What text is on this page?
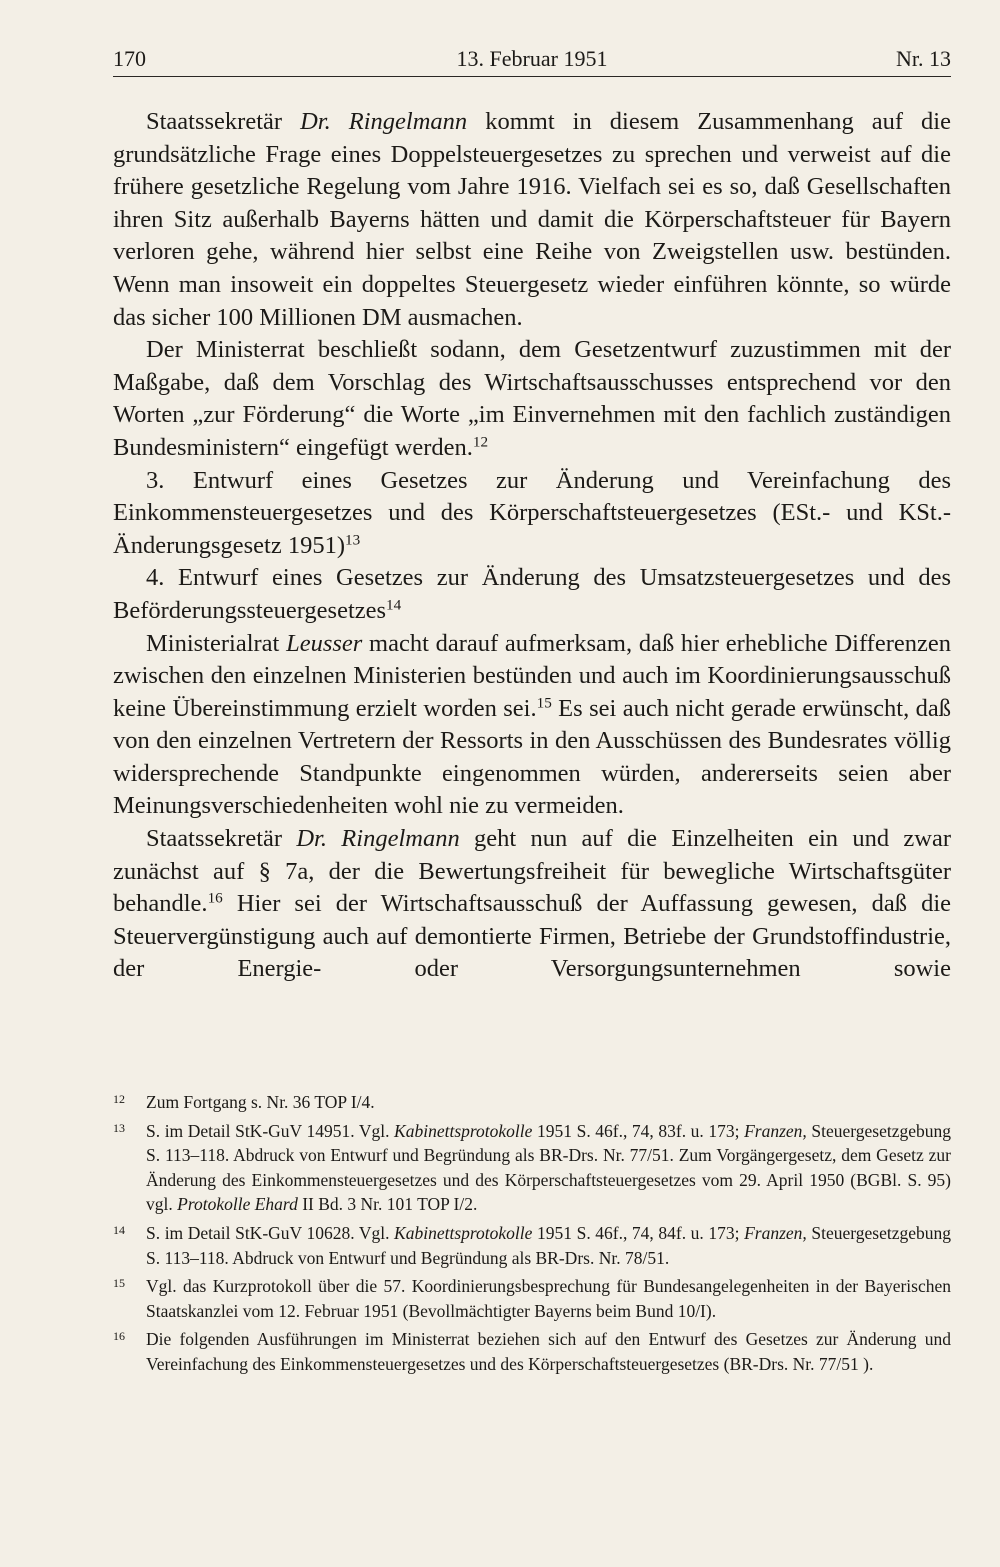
170	13. Februar 1951	Nr. 13

Staatssekretär Dr. Ringelmann kommt in diesem Zusammenhang auf die grundsätzliche Frage eines Doppelsteuergesetzes zu sprechen und verweist auf die frühere gesetzliche Regelung vom Jahre 1916. Vielfach sei es so, daß Gesellschaften ihren Sitz außerhalb Bayerns hätten und damit die Körperschaftsteuer für Bayern verloren gehe, während hier selbst eine Reihe von Zweigstellen usw. bestünden. Wenn man insoweit ein doppeltes Steuergesetz wieder einführen könnte, so würde das sicher 100 Millionen DM ausmachen.

Der Ministerrat beschließt sodann, dem Gesetzentwurf zuzustimmen mit der Maßgabe, daß dem Vorschlag des Wirtschaftsausschusses entsprechend vor den Worten „zur Förderung“ die Worte „im Einvernehmen mit den fachlich zuständigen Bundesministern“ eingefügt werden.$^{12}$

3. Entwurf eines Gesetzes zur Änderung und Vereinfachung des Einkommensteuergesetzes und des Körperschaftsteuergesetzes (ESt.- und KSt.-Änderungsgesetz 1951)$^{13}$

4. Entwurf eines Gesetzes zur Änderung des Umsatzsteuergesetzes und des Beförderungssteuergesetzes$^{14}$

Ministerialrat Leusser macht darauf aufmerksam, daß hier erhebliche Differenzen zwischen den einzelnen Ministerien bestünden und auch im Koordinierungsausschuß keine Übereinstimmung erzielt worden sei.$^{15}$ Es sei auch nicht gerade erwünscht, daß von den einzelnen Vertretern der Ressorts in den Ausschüssen des Bundesrates völlig widersprechende Standpunkte eingenommen würden, andererseits seien aber Meinungsverschiedenheiten wohl nie zu vermeiden.

Staatssekretär Dr. Ringelmann geht nun auf die Einzelheiten ein und zwar zunächst auf § 7a, der die Bewertungsfreiheit für bewegliche Wirtschaftsgüter behandle.$^{16}$ Hier sei der Wirtschaftsausschuß der Auffassung gewesen, daß die Steuervergünstigung auch auf demontierte Firmen, Betriebe der Grundstoffindustrie, der Energie- oder Versorgungsunternehmen sowie

12 Zum Fortgang s. Nr. 36 TOP I/4.
13 S. im Detail StK-GuV 14951. Vgl. Kabinettsprotokolle 1951 S. 46f., 74, 83f. u. 173; Franzen, Steuergesetzgebung S. 113–118. Abdruck von Entwurf und Begründung als BR-Drs. Nr. 77/51. Zum Vorgängergesetz, dem Gesetz zur Änderung des Einkommensteuergesetzes und des Körperschaftsteuergesetzes vom 29. April 1950 (BGBl. S. 95) vgl. Protokolle Ehard II Bd. 3 Nr. 101 TOP I/2.
14 S. im Detail StK-GuV 10628. Vgl. Kabinettsprotokolle 1951 S. 46f., 74, 84f. u. 173; Franzen, Steuergesetzgebung S. 113–118. Abdruck von Entwurf und Begründung als BR-Drs. Nr. 78/51.
15 Vgl. das Kurzprotokoll über die 57. Koordinierungsbesprechung für Bundesangelegenheiten in der Bayerischen Staatskanzlei vom 12. Februar 1951 (Bevollmächtigter Bayerns beim Bund 10/I).
16 Die folgenden Ausführungen im Ministerrat beziehen sich auf den Entwurf des Gesetzes zur Änderung und Vereinfachung des Einkommensteuergesetzes und des Körperschaftsteuergesetzes (BR-Drs. Nr. 77/51 ).
